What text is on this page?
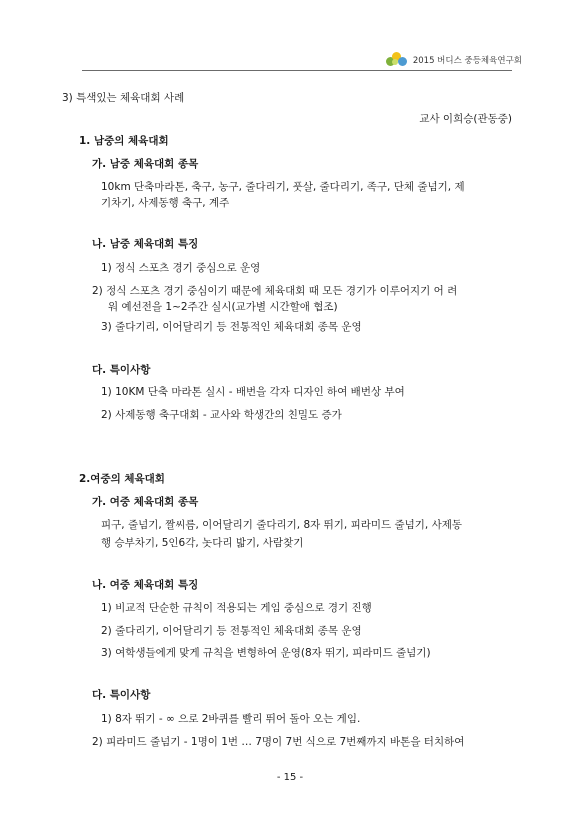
2015 버디스 중등체육연구회
3) 특색있는 체육대회 사례
교사 이희승(관동중)
1. 남중의 체육대회
가. 남중 체육대회 종목
10km 단축마라톤, 축구, 농구, 줄다리기, 풋살, 줄다리기, 족구, 단체 줄넘기, 제
기차기, 사제동행 축구, 계주
나. 남중 체육대회 특징
1) 정식 스포츠 경기 중심으로 운영
2) 정식 스포츠 경기 중심이기 때문에 체육대회 때 모든 경기가 이루어지기 어 려
워 예선전을 1~2주간 실시(교가별 시간할애 협조)
3) 줄다기리, 이어달리기 등 전통적인 체육대회 종목 운영
다. 특이사항
1) 10KM 단축 마라톤 실시 - 배번을 각자 디자인 하여 배번상 부여
2) 사제동행 축구대회 - 교사와 학생간의 친밀도 증가
2.여중의 체육대회
가. 여중 체육대회 종목
피구, 줄넘기, 짤씨름, 이어달리기 줄다리기, 8자 뛰기, 피라미드 줄넘기, 사제동
행 승부차기, 5인6각, 놋다리 밟기, 사람찾기
나. 여중 체육대회 특징
1) 비교적 단순한 규칙이 적용되는 게임 중심으로 경기 진행
2) 줄다리기, 이어달리기 등 전통적인 체육대회 종목 운영
3) 여학생들에게 맞게 규칙을 변형하여 운영(8자 뛰기, 피라미드 줄넘기)
다. 특이사항
1) 8자 뛰기 - ∞ 으로 2바퀴를 빨리 뛰어 돌아 오는 게임.
2) 피라미드 줄넘기 - 1명이 1번 … 7명이 7번 식으로 7번째까지 바톤을 터치하여
- 15 -
